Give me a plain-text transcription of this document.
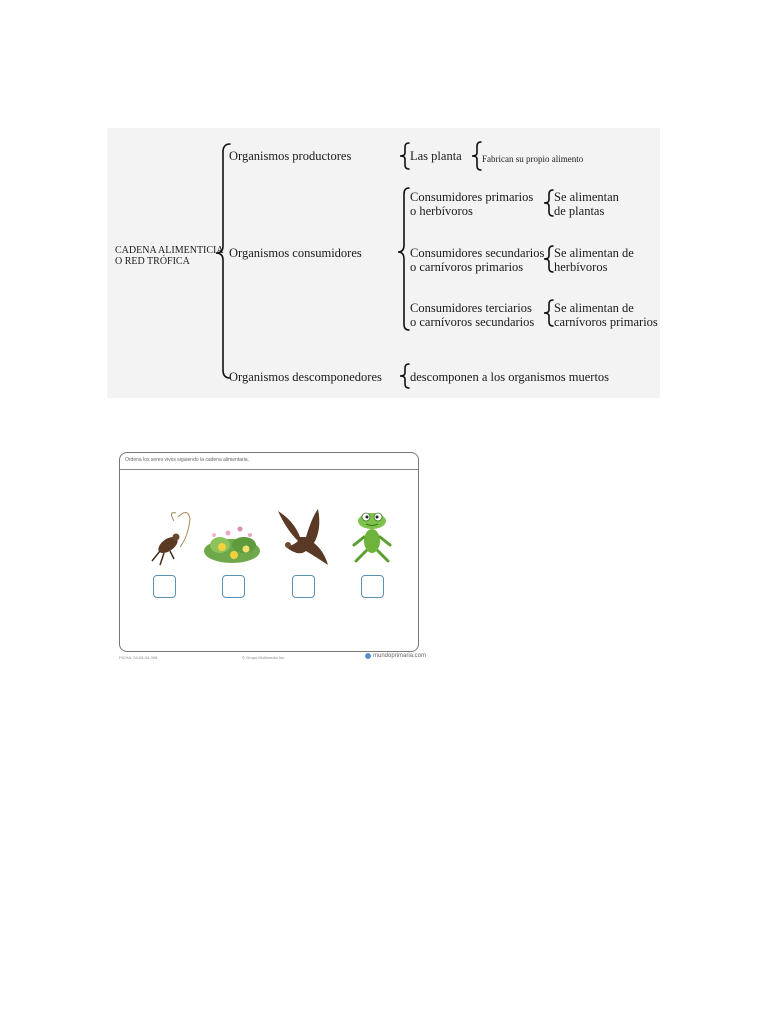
CADENA ALIMENTICIA
O RED TRÓFICA
Organismos productores
Organismos consumidores
Organismos descomponedores
Las planta Fabrican su propio alimento
Consumidores primarios
o herbívoros
Se alimentan
de plantas
Consumidores secundarios
o carnívoros primarios
Se alimentan de
herbívoros
Consumidores terciarios
o carnívoros secundarios
Se alimentan de
carnívoros primarios
descomponen a los organismos muertos
Ordena los seres vivos siguiendo la cadena alimentaria.
FICHA: 04-04-04-008	© Grupo Multimedia Inc.	mundoprimaria.com
